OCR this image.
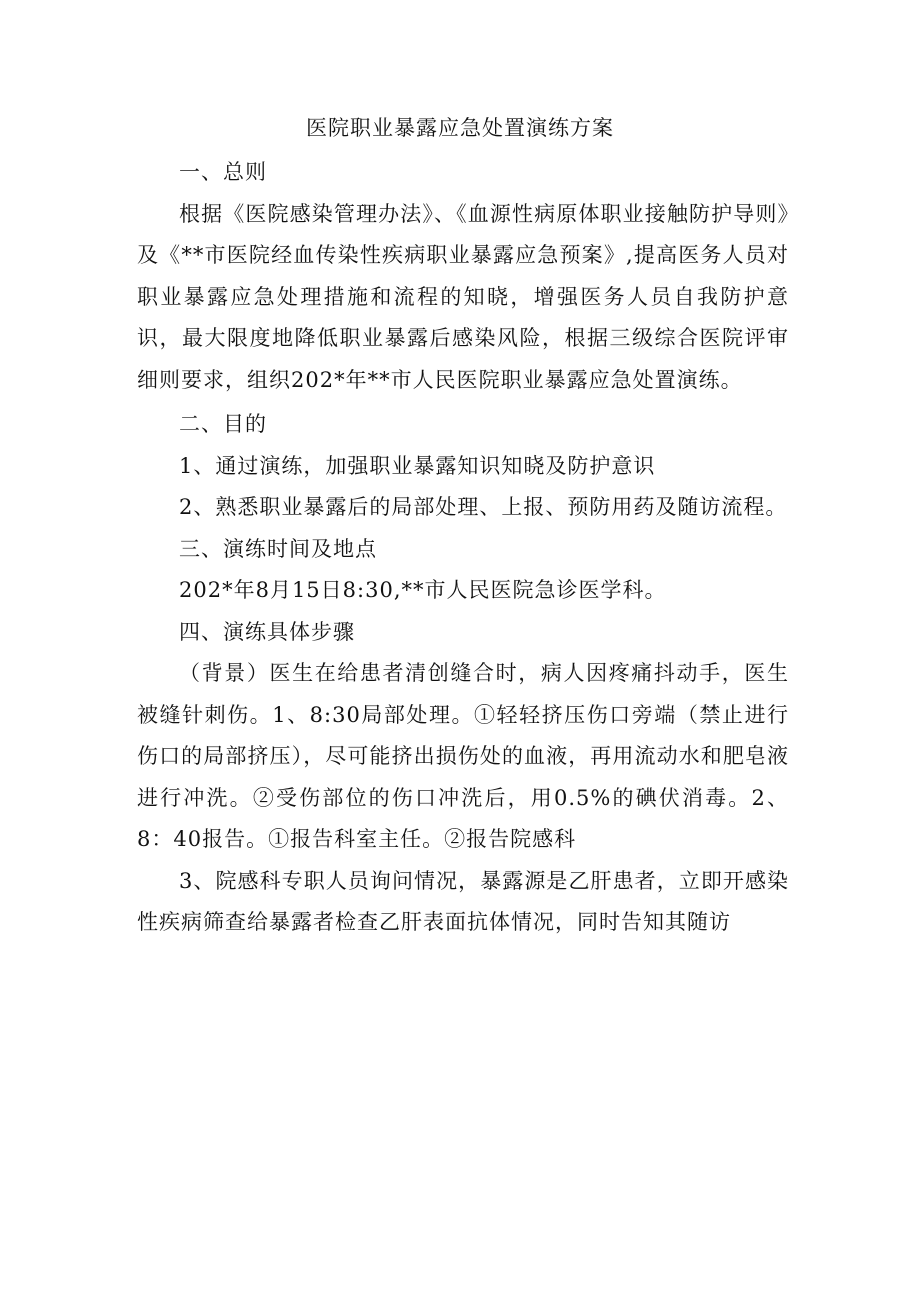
医院职业暴露应急处置演练方案
一、总则

根据《医院感染管理办法》、《血源性病原体职业接触防护导则》及《**市医院经血传染性疾病职业暴露应急预案》,提高医务人员对职业暴露应急处理措施和流程的知晓，增强医务人员自我防护意识，最大限度地降低职业暴露后感染风险，根据三级综合医院评审细则要求，组织202*年**市人民医院职业暴露应急处置演练。

二、目的

1、通过演练，加强职业暴露知识知晓及防护意识

2、熟悉职业暴露后的局部处理、上报、预防用药及随访流程。

三、演练时间及地点

202*年8月15日8:30,**市人民医院急诊医学科。

四、演练具体步骤

（背景）医生在给患者清创缝合时，病人因疼痛抖动手，医生被缝针刺伤。1、8:30局部处理。①轻轻挤压伤口旁端（禁止进行伤口的局部挤压），尽可能挤出损伤处的血液，再用流动水和肥皂液进行冲洗。②受伤部位的伤口冲洗后，用0.5%的碘伏消毒。2、8：40报告。①报告科室主任。②报告院感科

3、院感科专职人员询问情况，暴露源是乙肝患者，立即开感染性疾病筛查给暴露者检查乙肝表面抗体情况，同时告知其随访
